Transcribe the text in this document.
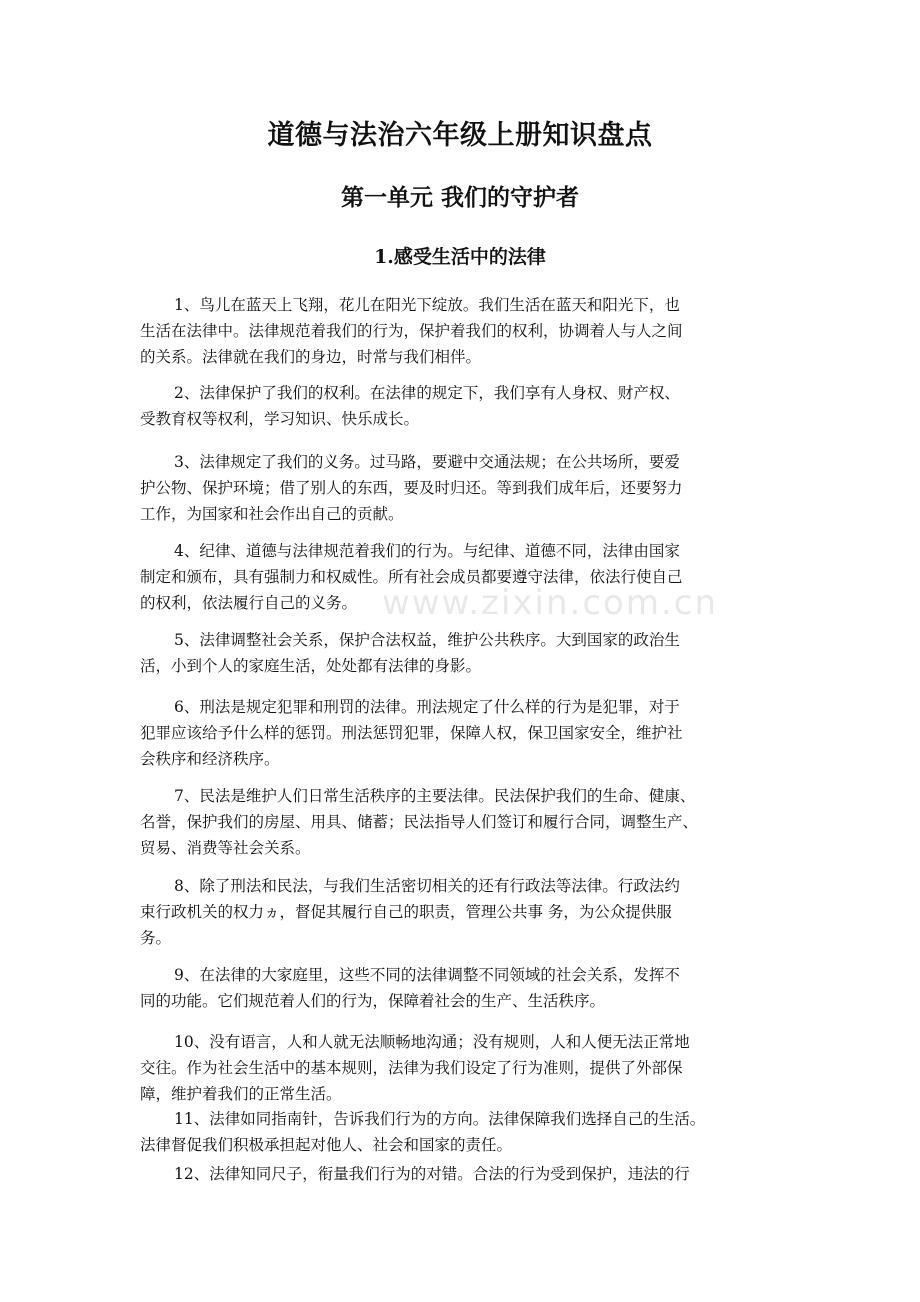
道德与法治六年级上册知识盘点
第一单元 我们的守护者
1.感受生活中的法律
1、鸟儿在蓝天上飞翔，花儿在阳光下绽放。我们生活在蓝天和阳光下，也
生活在法律中。法律规范着我们的行为，保护着我们的权利，协调着人与人之间
的关系。法律就在我们的身边，时常与我们相伴。
2、法律保护了我们的权利。在法律的规定下，我们享有人身权、财产权、
受教育权等权利，学习知识、快乐成长。
3、法律规定了我们的义务。过马路，要避中交通法规；在公共场所，要爱
护公物、保护环境；借了别人的东西，要及时归还。等到我们成年后，还要努力
工作，为国家和社会作出自己的贡献。
4、纪律、道德与法律规范着我们的行为。与纪律、道德不同，法律由国家
制定和颁布，具有强制力和权威性。所有社会成员都要遵守法律，依法行使自己
的权利，依法履行自己的义务。
5、法律调整社会关系，保护合法权益，维护公共秩序。大到国家的政治生
活，小到个人的家庭生活，处处都有法律的身影。
6、刑法是规定犯罪和刑罚的法律。刑法规定了什么样的行为是犯罪，对于
犯罪应该给予什么样的惩罚。刑法惩罚犯罪，保障人权，保卫国家安全，维护社
会秩序和经济秩序。
7、民法是维护人们日常生活秩序的主要法律。民法保护我们的生命、健康、
名誉，保护我们的房屋、用具、储蓄；民法指导人们签订和履行合同，调整生产、
贸易、消费等社会关系。
8、除了刑法和民法，与我们生活密切相关的还有行政法等法律。行政法约
束行政机关的权力ヵ，督促其履行自己的职责，管理公共事 务，为公众提供服
务。
9、在法律的大家庭里，这些不同的法律调整不同领域的社会关系，发挥不
同的功能。它们规范着人们的行为，保障着社会的生产、生活秩序。
10、没有语言，人和人就无法顺畅地沟通；没有规则，人和人便无法正常地
交往。作为社会生活中的基本规则，法律为我们设定了行为准则，提供了外部保
障，维护着我们的正常生活。
11、法律如同指南针，告诉我们行为的方向。法律保障我们选择自己的生活。
法律督促我们积极承担起对他人、社会和国家的责任。
12、法律知同尺子，衔量我们行为的对错。合法的行为受到保护，违法的行
www.zixin.com.cn
